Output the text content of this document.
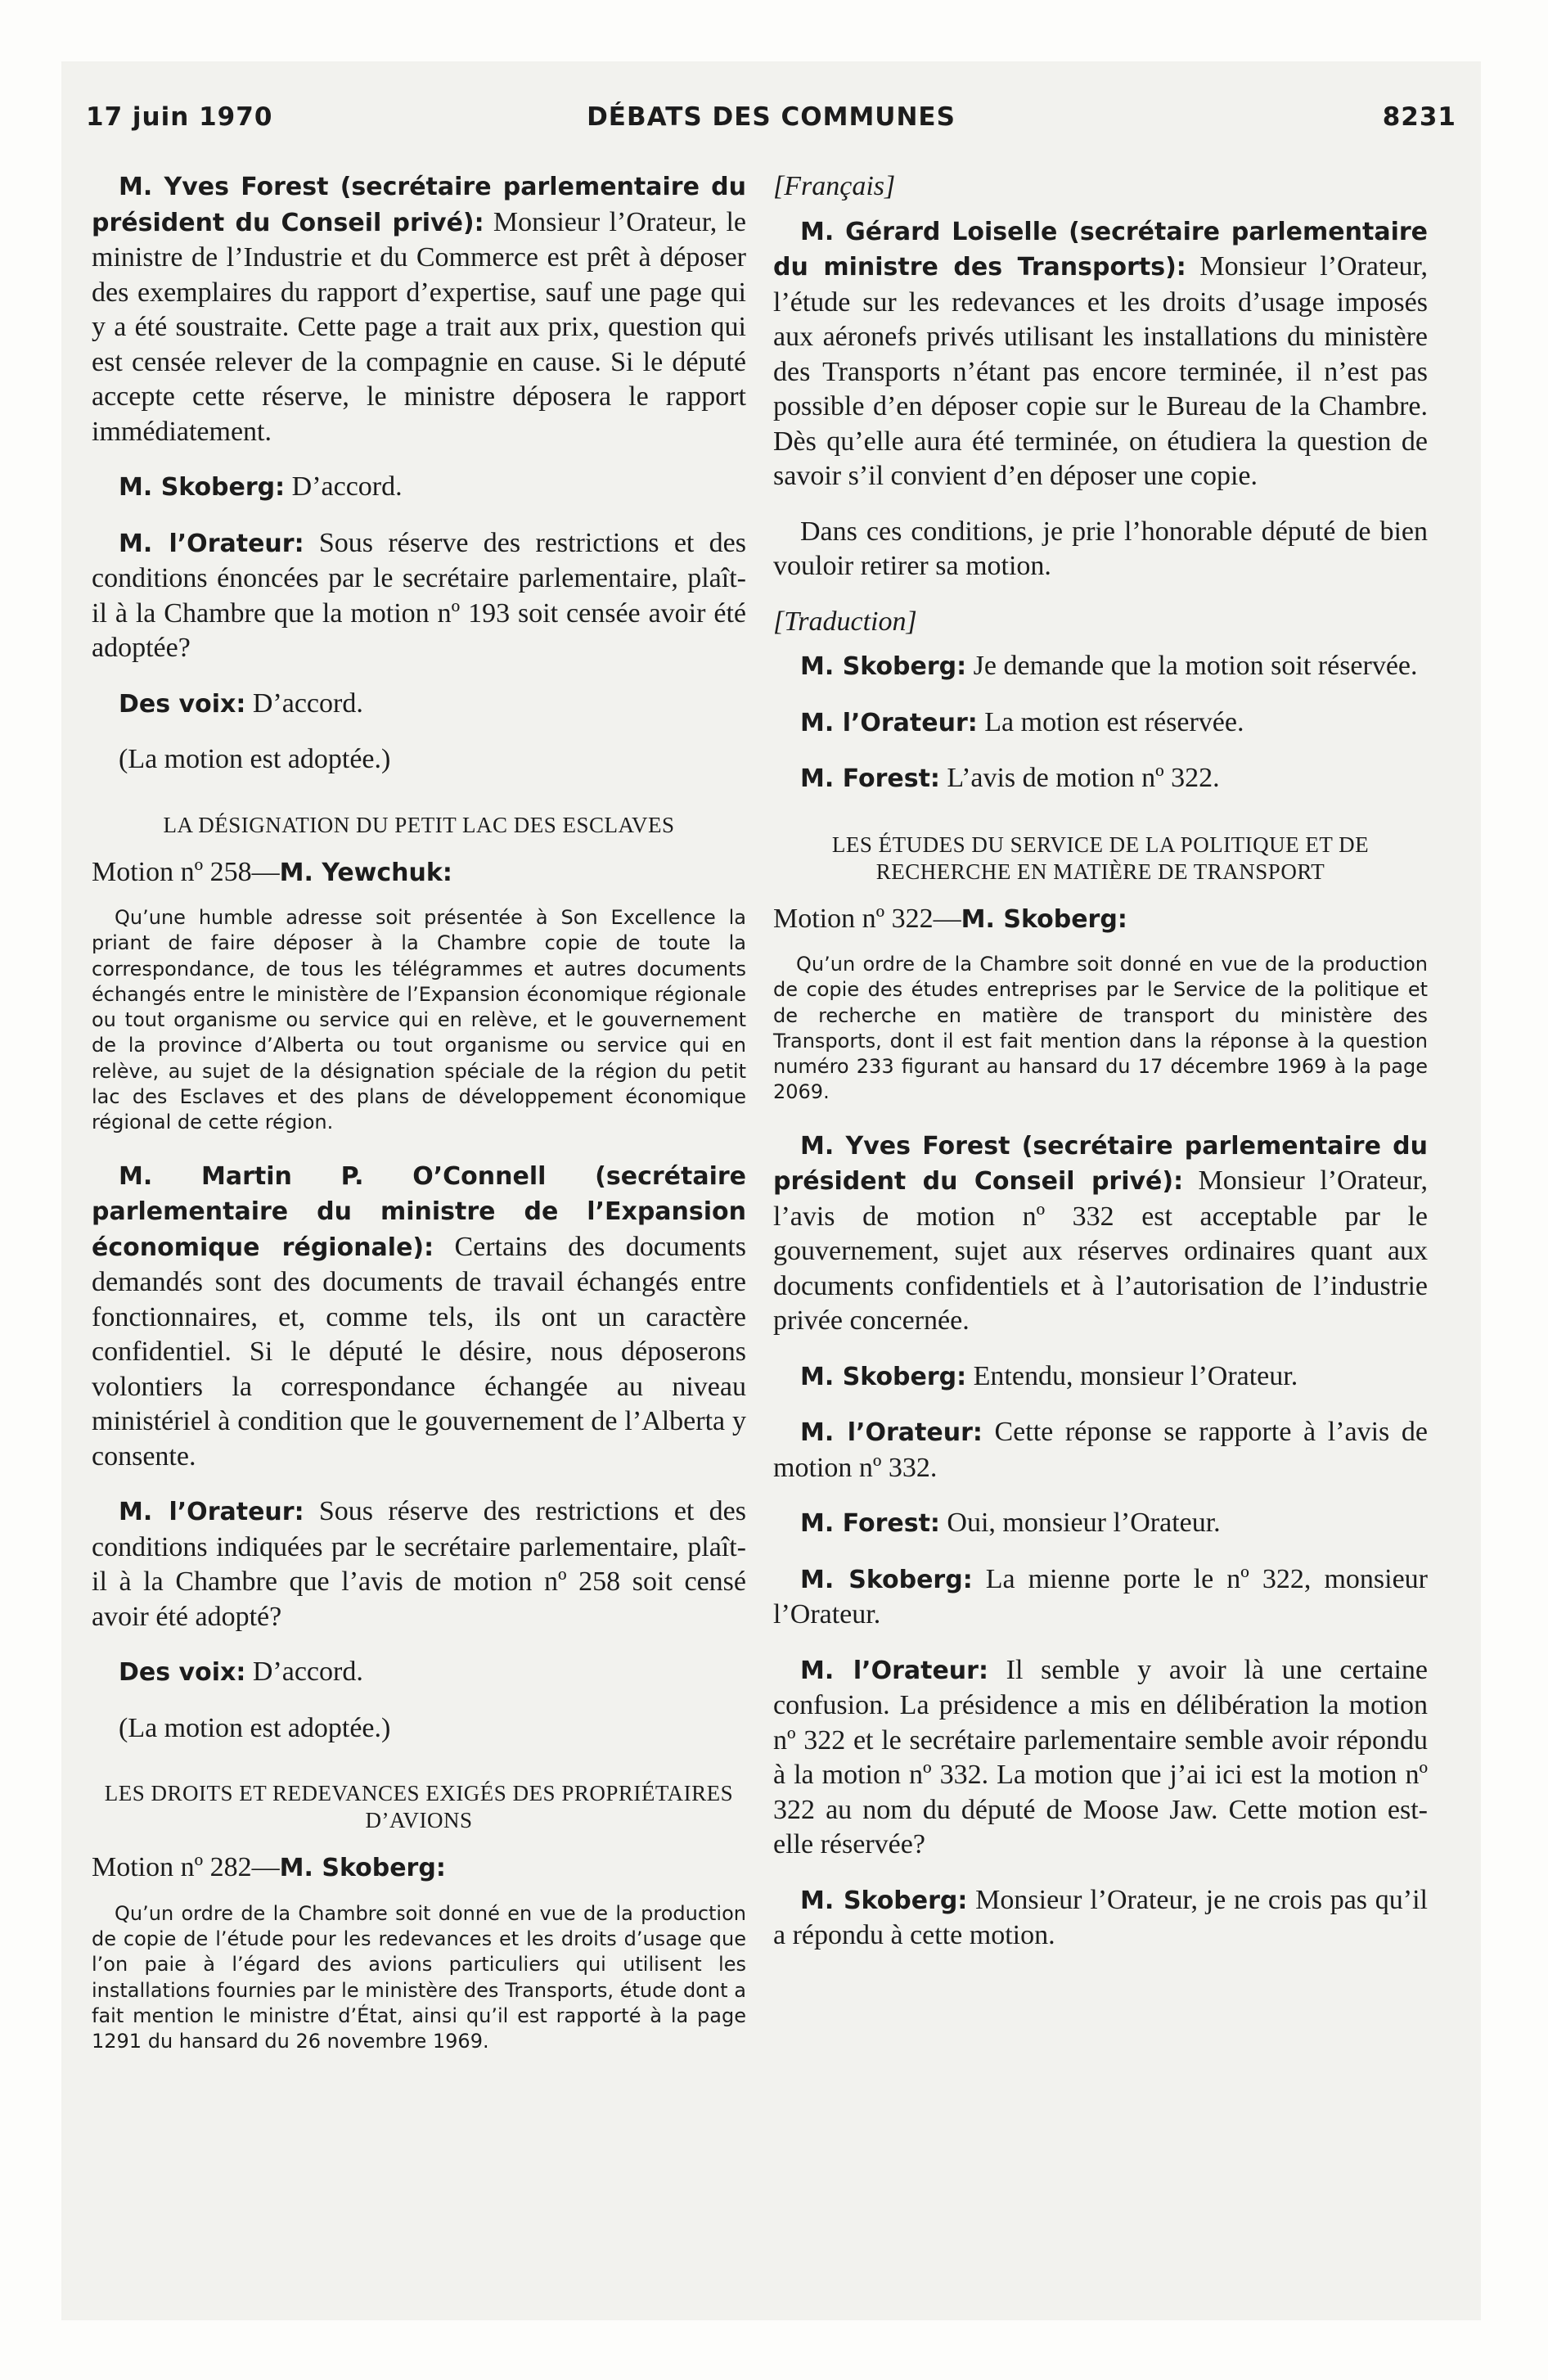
17 juin 1970	DÉBATS DES COMMUNES	8231

M. Yves Forest (secrétaire parlementaire du président du Conseil privé): Monsieur l’Orateur, le ministre de l’Industrie et du Commerce est prêt à déposer des exemplaires du rapport d’expertise, sauf une page qui y a été soustraite. Cette page a trait aux prix, question qui est censée relever de la compagnie en cause. Si le député accepte cette réserve, le ministre déposera le rapport immédiatement.

M. Skoberg: D’accord.

M. l’Orateur: Sous réserve des restrictions et des conditions énoncées par le secrétaire parlementaire, plaît-il à la Chambre que la motion nº 193 soit censée avoir été adoptée?

Des voix: D’accord.

(La motion est adoptée.)

LA DÉSIGNATION DU PETIT LAC DES ESCLAVES

Motion nº 258—M. Yewchuk:

Qu’une humble adresse soit présentée à Son Excellence la priant de faire déposer à la Chambre copie de toute la correspondance, de tous les télégrammes et autres documents échangés entre le ministère de l’Expansion économique régionale ou tout organisme ou service qui en relève, et le gouvernement de la province d’Alberta ou tout organisme ou service qui en relève, au sujet de la désignation spéciale de la région du petit lac des Esclaves et des plans de développement économique régional de cette région.

M. Martin P. O’Connell (secrétaire parlementaire du ministre de l’Expansion économique régionale): Certains des documents demandés sont des documents de travail échangés entre fonctionnaires, et, comme tels, ils ont un caractère confidentiel. Si le député le désire, nous déposerons volontiers la correspondance échangée au niveau ministériel à condition que le gouvernement de l’Alberta y consente.

M. l’Orateur: Sous réserve des restrictions et des conditions indiquées par le secrétaire parlementaire, plaît-il à la Chambre que l’avis de motion nº 258 soit censé avoir été adopté?

Des voix: D’accord.

(La motion est adoptée.)

LES DROITS ET REDEVANCES EXIGÉS DES PROPRIÉTAIRES D’AVIONS

Motion nº 282—M. Skoberg:

Qu’un ordre de la Chambre soit donné en vue de la production de copie de l’étude pour les redevances et les droits d’usage que l’on paie à l’égard des avions particuliers qui utilisent les installations fournies par le ministère des Transports, étude dont a fait mention le ministre d’État, ainsi qu’il est rapporté à la page 1291 du hansard du 26 novembre 1969.

[Français]

M. Gérard Loiselle (secrétaire parlementaire du ministre des Transports): Monsieur l’Orateur, l’étude sur les redevances et les droits d’usage imposés aux aéronefs privés utilisant les installations du ministère des Transports n’étant pas encore terminée, il n’est pas possible d’en déposer copie sur le Bureau de la Chambre. Dès qu’elle aura été terminée, on étudiera la question de savoir s’il convient d’en déposer une copie.

Dans ces conditions, je prie l’honorable député de bien vouloir retirer sa motion.

[Traduction]

M. Skoberg: Je demande que la motion soit réservée.

M. l’Orateur: La motion est réservée.

M. Forest: L’avis de motion nº 322.

LES ÉTUDES DU SERVICE DE LA POLITIQUE ET DE RECHERCHE EN MATIÈRE DE TRANSPORT

Motion nº 322—M. Skoberg:

Qu’un ordre de la Chambre soit donné en vue de la production de copie des études entreprises par le Service de la politique et de recherche en matière de transport du ministère des Transports, dont il est fait mention dans la réponse à la question numéro 233 figurant au hansard du 17 décembre 1969 à la page 2069.

M. Yves Forest (secrétaire parlementaire du président du Conseil privé): Monsieur l’Orateur, l’avis de motion nº 332 est acceptable par le gouvernement, sujet aux réserves ordinaires quant aux documents confidentiels et à l’autorisation de l’industrie privée concernée.

M. Skoberg: Entendu, monsieur l’Orateur.

M. l’Orateur: Cette réponse se rapporte à l’avis de motion nº 332.

M. Forest: Oui, monsieur l’Orateur.

M. Skoberg: La mienne porte le nº 322, monsieur l’Orateur.

M. l’Orateur: Il semble y avoir là une certaine confusion. La présidence a mis en délibération la motion nº 322 et le secrétaire parlementaire semble avoir répondu à la motion nº 332. La motion que j’ai ici est la motion nº 322 au nom du député de Moose Jaw. Cette motion est-elle réservée?

M. Skoberg: Monsieur l’Orateur, je ne crois pas qu’il a répondu à cette motion.
